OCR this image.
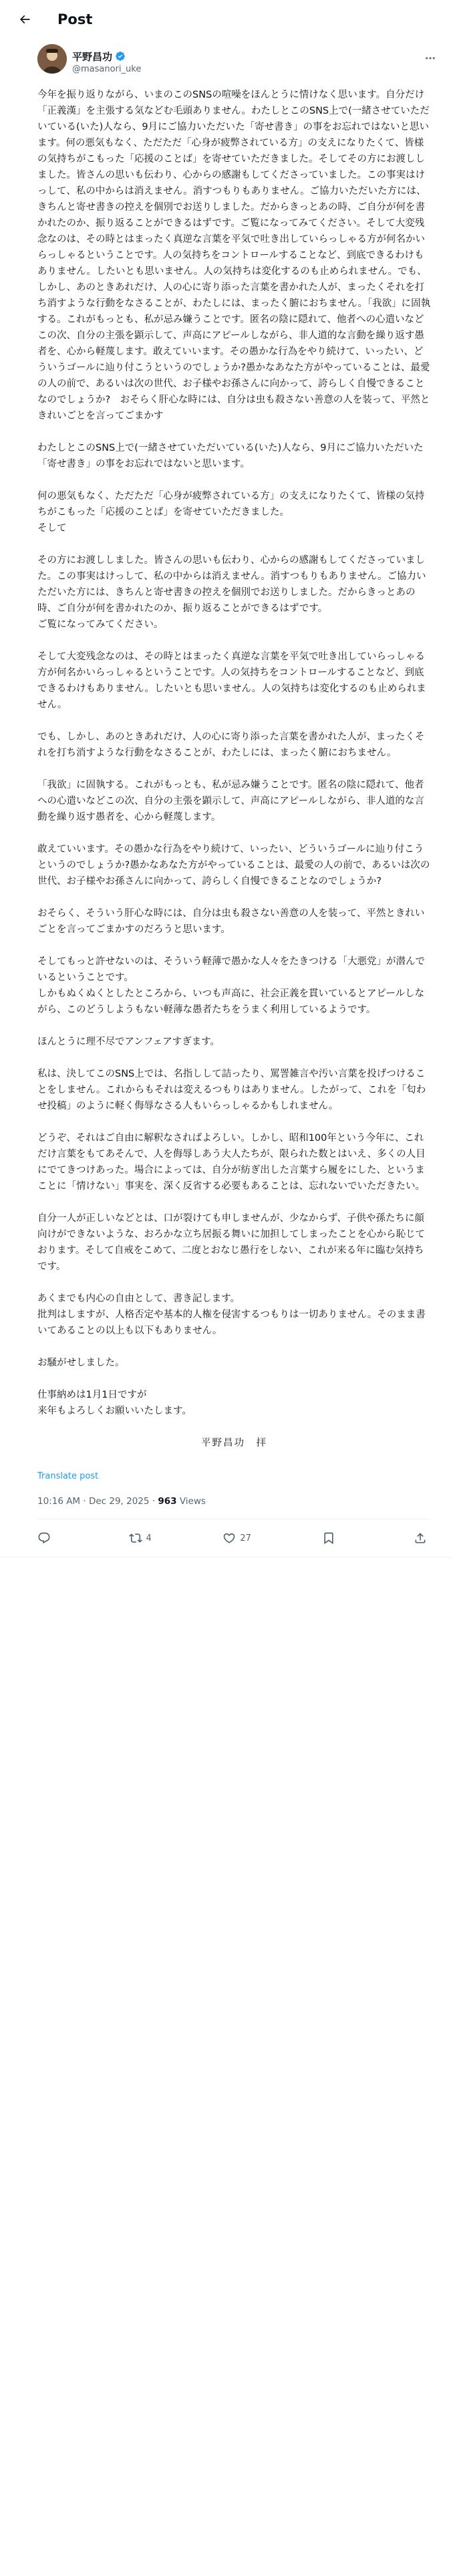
Post
平野昌功
@masanori_uke

今年を振り返りながら、いまのこのSNSの喧噪をほんとうに情けなく思います。自分だけ「正義漢」を主張する気などむ毛頭ありません。わたしとこのSNS上で(一緒させていただいている(いた)人なら、9月にご協力いただいた「寄せ書き」の事をお忘れではないと思います。何の悪気もなく、ただただ「心身が疲弊されている方」の支えになりたくて、皆様の気持ちがこもった「応援のことば」を寄せていただきました。そしてその方にお渡ししました。皆さんの思いも伝わり、心からの感謝もしてくださっていました。この事実はけっして、私の中からは消えません。消すつもりもありません。ご協力いただいた方には、きちんと寄せ書きの控えを個別でお送りしました。だからきっとあの時、ご自分が何を書かれたのか、振り返ることができるはずです。ご覧になってみてください。そして大変残念なのは、その時とはまったく真逆な言葉を平気で吐き出していらっしゃる方が何名かいらっしゃるということです。人の気持ちをコントロールすることなど、到底できるわけもありません。したいとも思いません。人の気持ちは変化するのも止められません。でも、しかし、あのときあれだけ、人の心に寄り添った言葉を書かれた人が、まったくそれを打ち消すような行動をなさることが、わたしには、まったく腑におちません。「我欲」に固執する。これがもっとも、私が忌み嫌うことです。匿名の陰に隠れて、他者への心遣いなどこの次、自分の主張を顕示して、声高にアピールしながら、非人道的な言動を繰り返す愚者を、心から軽蔑します。敢えていいます。その愚かな行為をやり続けて、いったい、どういうゴールに辿り付こうというのでしょうか?愚かなあなた方がやっていることは、最愛の人の前で、あるいは次の世代、お子様やお孫さんに向かって、誇らしく自慢できることなのでしょうか?　おそらく肝心な時には、自分は虫も殺さない善意の人を装って、平然ときれいごとを言ってごまかす

わたしとこのSNS上で(一緒させていただいている(いた)人なら、9月にご協力いただいた「寄せ書き」の事をお忘れではないと思います。

何の悪気もなく、ただただ「心身が疲弊されている方」の支えになりたくて、皆様の気持ちがこもった「応援のことば」を寄せていただきました。
そして

その方にお渡ししました。皆さんの思いも伝わり、心からの感謝もしてくださっていました。この事実はけっして、私の中からは消えません。消すつもりもありません。ご協力いただいた方には、きちんと寄せ書きの控えを個別でお送りしました。だからきっとあの時、ご自分が何を書かれたのか、振り返ることができるはずです。
ご覧になってみてください。

そして大変残念なのは、その時とはまったく真逆な言葉を平気で吐き出していらっしゃる方が何名かいらっしゃるということです。人の気持ちをコントロールすることなど、到底できるわけもありません。したいとも思いません。人の気持ちは変化するのも止められません。

でも、しかし、あのときあれだけ、人の心に寄り添った言葉を書かれた人が、まったくそれを打ち消すような行動をなさることが、わたしには、まったく腑におちません。

「我欲」に固執する。これがもっとも、私が忌み嫌うことです。匿名の陰に隠れて、他者への心遣いなどこの次、自分の主張を顕示して、声高にアピールしながら、非人道的な言動を繰り返す愚者を、心から軽蔑します。

敢えていいます。その愚かな行為をやり続けて、いったい、どういうゴールに辿り付こうというのでしょうか?愚かなあなた方がやっていることは、最愛の人の前で、あるいは次の世代、お子様やお孫さんに向かって、誇らしく自慢できることなのでしょうか?

おそらく、そういう肝心な時には、自分は虫も殺さない善意の人を装って、平然ときれいごとを言ってごまかすのだろうと思います。

そしてもっと許せないのは、そういう軽薄で愚かな人々をたきつける「大悪党」が潜んでいるということです。
しかもぬくぬくとしたところから、いつも声高に、社会正義を貫いているとアピールしながら、このどうしようもない軽薄な愚者たちをうまく利用しているようです。

ほんとうに理不尽でアンフェアすぎます。

私は、決してこのSNS上では、名指しして詰ったり、罵詈雑言や汚い言葉を投げつけることをしません。これからもそれは変えるつもりはありません。したがって、これを「匂わせ投稿」のように軽く侮辱なさる人もいらっしゃるかもしれません。

どうぞ、それはご自由に解釈なさればよろしい。しかし、昭和100年という今年に、これだけ言葉をもてあそんで、人を侮辱しあう大人たちが、限られた数とはいえ、多くの人目にでてきつけあった。場合によっては、自分が紡ぎ出した言葉すら履をにした、というまことに「情けない」事実を、深く反省する必要もあることは、忘れないでいただきたい。

自分一人が正しいなどとは、口が裂けても申しませんが、少なからず、子供や孫たちに顔向けができないような、おろかな立ち居振る舞いに加担してしまったことを心から恥じております。そして自戒をこめて、二度とおなじ愚行をしない、これが来る年に臨む気持ちです。

あくまでも内心の自由として、書き記します。
批判はしますが、人格否定や基本的人権を侵害するつもりは一切ありません。そのまま書いてあることの以上も以下もありません。

お騒がせしました。

仕事納めは1月1日ですが
来年もよろしくお願いいたします。

平野昌功　拝
Translate post
10:16 AM · Dec 29, 2025 · 963 Views
4	27
